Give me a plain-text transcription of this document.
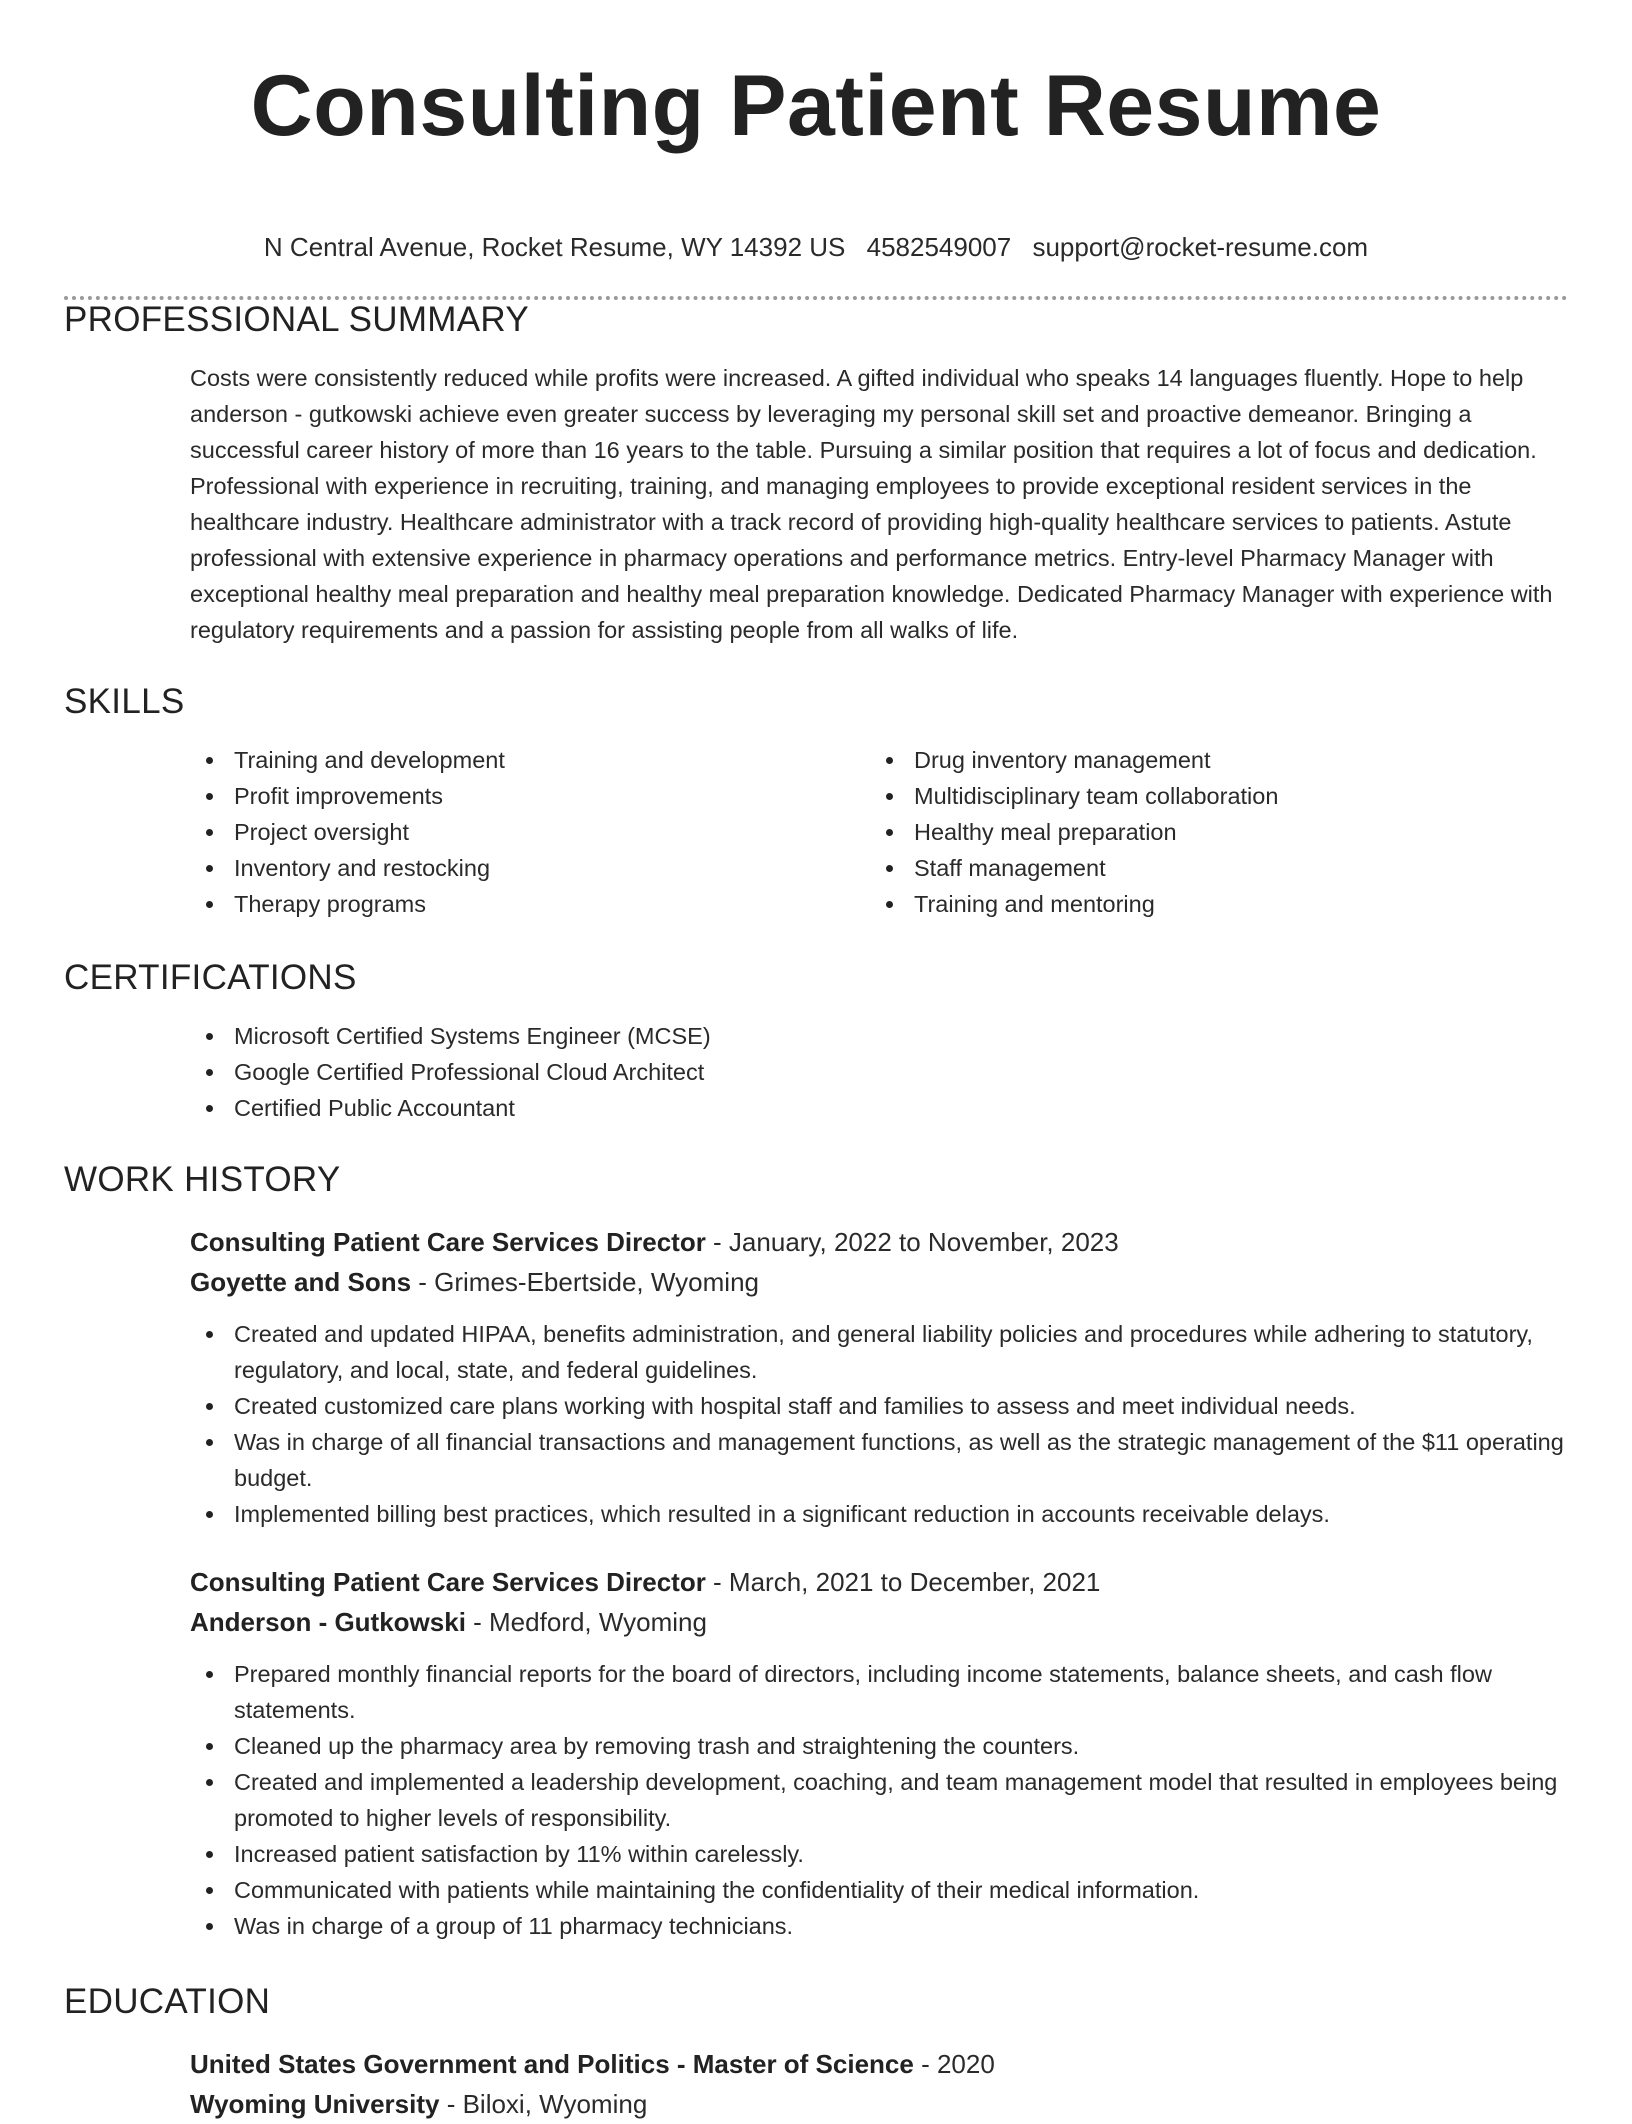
Consulting Patient Resume
N Central Avenue, Rocket Resume, WY 14392 US 4582549007 support@rocket-resume.com
PROFESSIONAL SUMMARY
Costs were consistently reduced while profits were increased. A gifted individual who speaks 14 languages fluently. Hope to help anderson - gutkowski achieve even greater success by leveraging my personal skill set and proactive demeanor. Bringing a successful career history of more than 16 years to the table. Pursuing a similar position that requires a lot of focus and dedication. Professional with experience in recruiting, training, and managing employees to provide exceptional resident services in the healthcare industry. Healthcare administrator with a track record of providing high-quality healthcare services to patients. Astute professional with extensive experience in pharmacy operations and performance metrics. Entry-level Pharmacy Manager with exceptional healthy meal preparation and healthy meal preparation knowledge. Dedicated Pharmacy Manager with experience with regulatory requirements and a passion for assisting people from all walks of life.
SKILLS
Training and development
Profit improvements
Project oversight
Inventory and restocking
Therapy programs
Drug inventory management
Multidisciplinary team collaboration
Healthy meal preparation
Staff management
Training and mentoring
CERTIFICATIONS
Microsoft Certified Systems Engineer (MCSE)
Google Certified Professional Cloud Architect
Certified Public Accountant
WORK HISTORY
Consulting Patient Care Services Director - January, 2022 to November, 2023
Goyette and Sons - Grimes-Ebertside, Wyoming
Created and updated HIPAA, benefits administration, and general liability policies and procedures while adhering to statutory, regulatory, and local, state, and federal guidelines.
Created customized care plans working with hospital staff and families to assess and meet individual needs.
Was in charge of all financial transactions and management functions, as well as the strategic management of the $11 operating budget.
Implemented billing best practices, which resulted in a significant reduction in accounts receivable delays.
Consulting Patient Care Services Director - March, 2021 to December, 2021
Anderson - Gutkowski - Medford, Wyoming
Prepared monthly financial reports for the board of directors, including income statements, balance sheets, and cash flow statements.
Cleaned up the pharmacy area by removing trash and straightening the counters.
Created and implemented a leadership development, coaching, and team management model that resulted in employees being promoted to higher levels of responsibility.
Increased patient satisfaction by 11% within carelessly.
Communicated with patients while maintaining the confidentiality of their medical information.
Was in charge of a group of 11 pharmacy technicians.
EDUCATION
United States Government and Politics - Master of Science - 2020
Wyoming University - Biloxi, Wyoming
